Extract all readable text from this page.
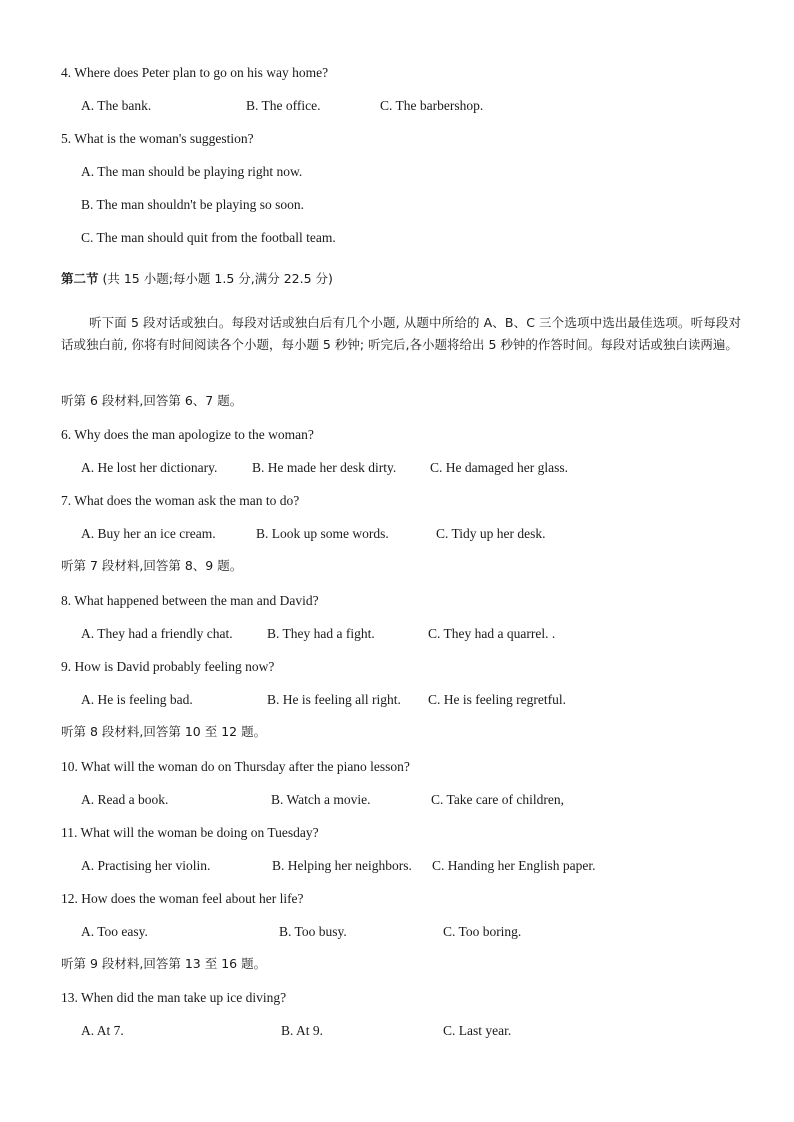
4. Where does Peter plan to go on his way home?
A. The bank.	B. The office.	C. The barbershop.
5. What is the woman's suggestion?
A. The man should be playing right now.
B. The man shouldn't be playing so soon.
C. The man should quit from the football team.
第二节 (共 15 小题;每小题 1.5 分,满分 22.5 分)
听下面 5 段对话或独白。每段对话或独白后有几个小题, 从题中所给的 A、B、C 三个选项中选出最佳选项。听每段对话或独白前, 你将有时间阅读各个小题，每小题 5 秒钟; 听完后,各小题将给出 5 秒钟的作答时间。每段对话或独白读两遍。
听第 6 段材料,回答第 6、7 题。
6. Why does the man apologize to the woman?
A. He lost her dictionary.	B. He made her desk dirty.	C. He damaged her glass.
7. What does the woman ask the man to do?
A. Buy her an ice cream.	B. Look up some words.	C. Tidy up her desk.
听第 7 段材料,回答第 8、9 题。
8. What happened between the man and David?
A. They had a friendly chat.	B. They had a fight.	C. They had a quarrel. .
9. How is David probably feeling now?
A. He is feeling bad.	B. He is feeling all right. C. He is feeling regretful.
听第 8 段材料,回答第 10 至 12 题。
10. What will the woman do on Thursday after the piano lesson?
A. Read a book.	B. Watch a movie.	C. Take care of children,
11. What will the woman be doing on Tuesday?
A. Practising her violin.	B. Helping her neighbors. C. Handing her English paper.
12. How does the woman feel about her life?
A. Too easy.	B. Too busy.	C. Too boring.
听第 9 段材料,回答第 13 至 16 题。
13. When did the man take up ice diving?
A. At 7.	B. At 9.	C. Last year.
